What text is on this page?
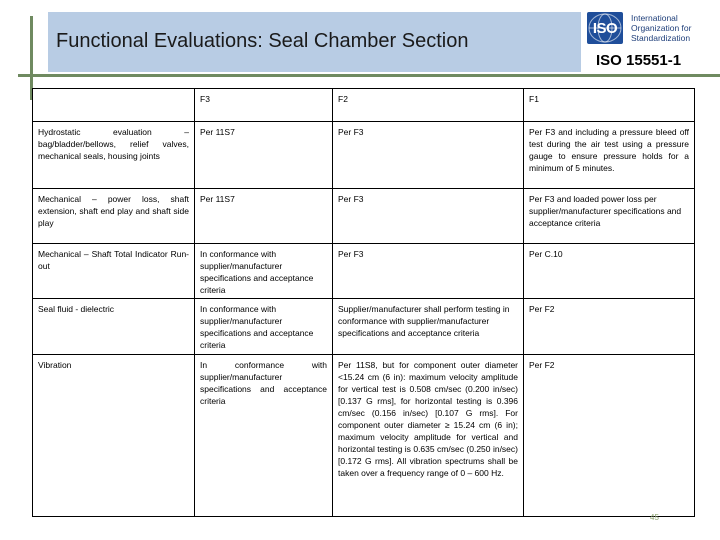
Functional Evaluations: Seal Chamber Section
ISO
International
Organization for
Standardization
ISO 15551-1
	F3	F2	F1
Hydrostatic evaluation – bag/bladder/bellows, relief valves, mechanical seals, housing joints	Per 11S7	Per F3	Per F3 and including a pressure bleed off test during the air test using a pressure gauge to ensure pressure holds for a minimum of 5 minutes.
Mechanical – power loss, shaft extension, shaft end play and shaft side play	Per 11S7	Per F3	Per F3 and loaded power loss per supplier/manufacturer specifications and acceptance criteria
Mechanical – Shaft Total Indicator Run-out	In conformance with supplier/manufacturer specifications and acceptance criteria	Per F3	Per C.10
Seal fluid - dielectric	In conformance with supplier/manufacturer specifications and acceptance criteria	Supplier/manufacturer shall perform testing in conformance with supplier/manufacturer specifications and acceptance criteria	Per F2
Vibration	In conformance with supplier/manufacturer specifications and acceptance criteria	Per 11S8, but for component outer diameter <15.24 cm (6 in): maximum velocity amplitude for vertical test is 0.508 cm/sec (0.200 in/sec) [0.137 G rms], for horizontal testing is 0.396 cm/sec (0.156 in/sec) [0.107 G rms]. For component outer diameter ≥ 15.24 cm (6 in); maximum velocity amplitude for vertical and horizontal testing is 0.635 cm/sec (0.250 in/sec) [0.172 G rms]. All vibration spectrums shall be taken over a frequency range of 0 – 600 Hz.	Per F2
45
